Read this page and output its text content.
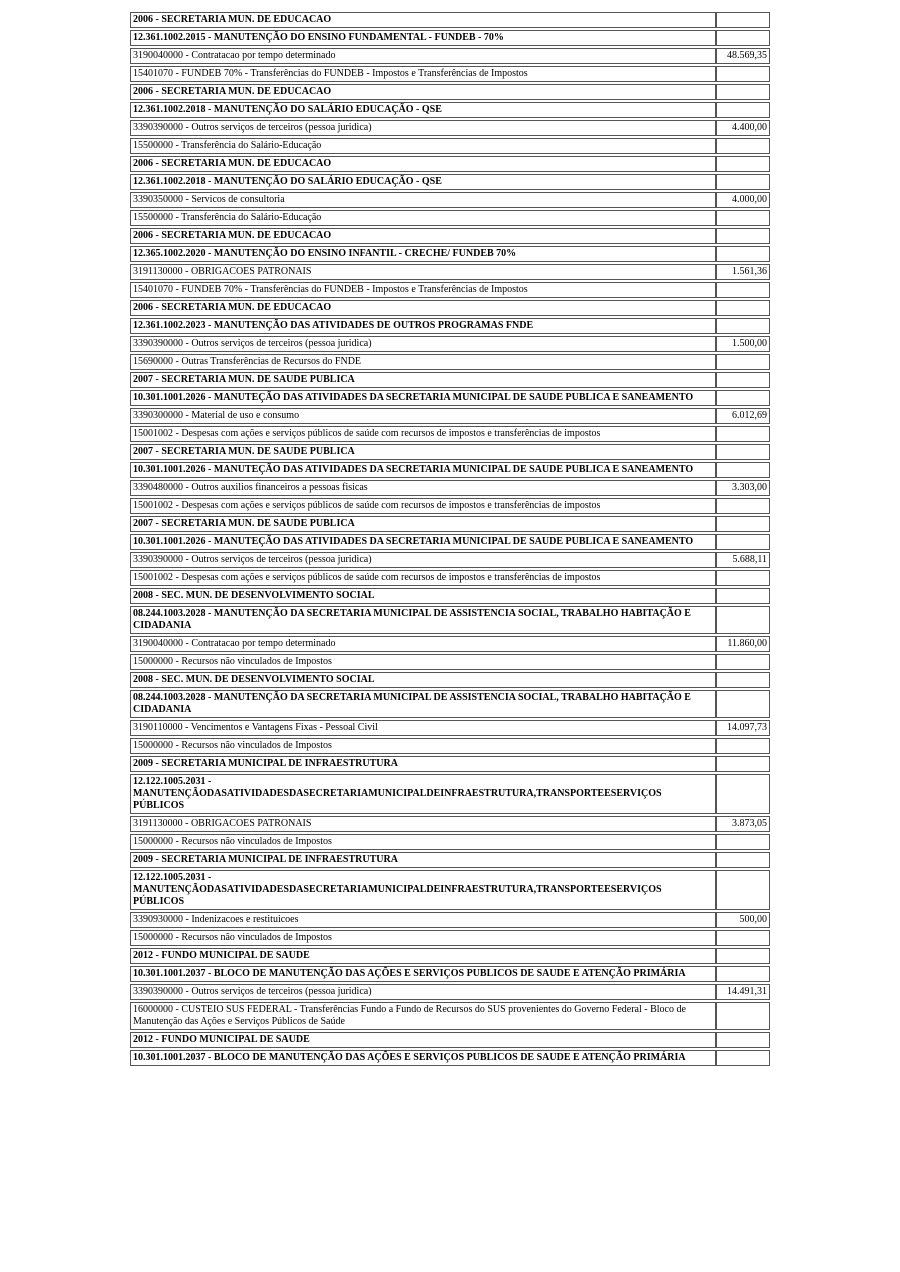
2006 - SECRETARIA MUN. DE EDUCACAO	
12.361.1002.2015 - MANUTENÇÃO DO ENSINO FUNDAMENTAL - FUNDEB - 70%	
3190040000 - Contratacao por tempo determinado	48.569,35
15401070 - FUNDEB 70% - Transferências do FUNDEB - Impostos e Transferências de Impostos	
2006 - SECRETARIA MUN. DE EDUCACAO	
12.361.1002.2018 - MANUTENÇÃO DO SALÁRIO EDUCAÇÃO - QSE	
3390390000 - Outros serviços de terceiros (pessoa juridica)	4.400,00
15500000 - Transferência do Salário-Educação	
2006 - SECRETARIA MUN. DE EDUCACAO	
12.361.1002.2018 - MANUTENÇÃO DO SALÁRIO EDUCAÇÃO - QSE	
3390350000 - Servicos de consultoria	4.000,00
15500000 - Transferência do Salário-Educação	
2006 - SECRETARIA MUN. DE EDUCACAO	
12.365.1002.2020 - MANUTENÇÃO DO ENSINO INFANTIL - CRECHE/ FUNDEB 70%	
3191130000 - OBRIGACOES PATRONAIS	1.561,36
15401070 - FUNDEB 70% - Transferências do FUNDEB - Impostos e Transferências de Impostos	
2006 - SECRETARIA MUN. DE EDUCACAO	
12.361.1002.2023 - MANUTENÇÃO DAS ATIVIDADES DE OUTROS PROGRAMAS FNDE	
3390390000 - Outros serviços de terceiros (pessoa juridica)	1.500,00
15690000 - Outras Transferências de Recursos do FNDE	
2007 - SECRETARIA MUN. DE SAUDE PUBLICA	
10.301.1001.2026 - MANUTEÇÃO DAS ATIVIDADES DA SECRETARIA MUNICIPAL DE SAUDE PUBLICA E SANEAMENTO	
3390300000 - Material de uso e consumo	6.012,69
15001002 - Despesas com ações e serviços públicos de saúde com recursos de impostos e transferências de impostos	
2007 - SECRETARIA MUN. DE SAUDE PUBLICA	
10.301.1001.2026 - MANUTEÇÃO DAS ATIVIDADES DA SECRETARIA MUNICIPAL DE SAUDE PUBLICA E SANEAMENTO	
3390480000 - Outros auxilios financeiros a pessoas fisicas	3.303,00
15001002 - Despesas com ações e serviços públicos de saúde com recursos de impostos e transferências de impostos	
2007 - SECRETARIA MUN. DE SAUDE PUBLICA	
10.301.1001.2026 - MANUTEÇÃO DAS ATIVIDADES DA SECRETARIA MUNICIPAL DE SAUDE PUBLICA E SANEAMENTO	
3390390000 - Outros serviços de terceiros (pessoa juridica)	5.688,11
15001002 - Despesas com ações e serviços públicos de saúde com recursos de impostos e transferências de impostos	
2008 - SEC. MUN. DE DESENVOLVIMENTO SOCIAL	
08.244.1003.2028 - MANUTENÇÃO DA SECRETARIA MUNICIPAL DE ASSISTENCIA SOCIAL, TRABALHO HABITAÇÃO E CIDADANIA	
3190040000 - Contratacao por tempo determinado	11.860,00
15000000 - Recursos não vinculados de Impostos	
2008 - SEC. MUN. DE DESENVOLVIMENTO SOCIAL	
08.244.1003.2028 - MANUTENÇÃO DA SECRETARIA MUNICIPAL DE ASSISTENCIA SOCIAL, TRABALHO HABITAÇÃO E CIDADANIA	
3190110000 - Vencimentos e Vantagens Fixas - Pessoal Civil	14.097,73
15000000 - Recursos não vinculados de Impostos	
2009 - SECRETARIA MUNICIPAL DE INFRAESTRUTURA	
12.122.1005.2031 - MANUTENÇÃODASATIVIDADESDASECRETARIAMUNICIPALDEINFRAESTRUTURA,TRANSPORTEESERVIÇOS PÚBLICOS	
3191130000 - OBRIGACOES PATRONAIS	3.873,05
15000000 - Recursos não vinculados de Impostos	
2009 - SECRETARIA MUNICIPAL DE INFRAESTRUTURA	
12.122.1005.2031 - MANUTENÇÃODASATIVIDADESDASECRETARIAMUNICIPALDEINFRAESTRUTURA,TRANSPORTEESERVIÇOS PÚBLICOS	
3390930000 - Indenizacoes e restituicoes	500,00
15000000 - Recursos não vinculados de Impostos	
2012 - FUNDO MUNICIPAL DE SAUDE	
10.301.1001.2037 - BLOCO DE MANUTENÇÃO DAS AÇÕES E SERVIÇOS PUBLICOS DE SAUDE E ATENÇÃO PRIMÁRIA	
3390390000 - Outros serviços de terceiros (pessoa juridica)	14.491,31
16000000 - CUSTEIO SUS FEDERAL - Transferências Fundo a Fundo de Recursos do SUS provenientes do Governo Federal - Bloco de Manutenção das Ações e Serviços Públicos de Saúde	
2012 - FUNDO MUNICIPAL DE SAUDE	
10.301.1001.2037 - BLOCO DE MANUTENÇÃO DAS AÇÕES E SERVIÇOS PUBLICOS DE SAUDE E ATENÇÃO PRIMÁRIA	
